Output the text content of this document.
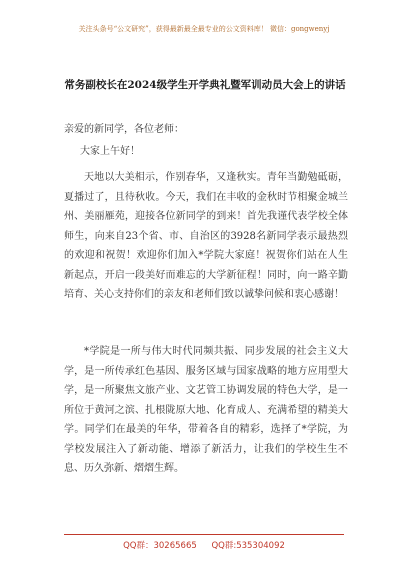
关注头条号“公文研究”，获得最新最全最专业的公文资料库！ 微信：gongwenyj
常务副校长在2024级学生开学典礼暨军训动员大会上的讲话
亲爱的新同学，各位老师：
大家上午好！
天地以大美相示，作别春华，又逢秋实。青年当勤勉砥砺，夏播过了，且待秋收。今天，我们在丰收的金秋时节相聚金城兰州、美丽雁苑，迎接各位新同学的到来！首先我谨代表学校全体师生，向来自23个省、市、自治区的3928名新同学表示最热烈的欢迎和祝贺！欢迎你们加入*学院大家庭！祝贺你们站在人生新起点，开启一段美好而难忘的大学新征程！同时，向一路辛勤培育、关心支持你们的亲友和老师们致以诚挚问候和衷心感谢！
*学院是一所与伟大时代同频共振、同步发展的社会主义大学，是一所传承红色基因、服务区域与国家战略的地方应用型大学，是一所聚焦文旅产业、文艺管工协调发展的特色大学，是一所位于黄河之滨、扎根陇原大地、化育成人、充满希望的精美大学。同学们在最美的年华，带着各自的精彩，选择了*学院，为学校发展注入了新动能、增添了新活力，让我们的学校生生不息、历久弥新、熠熠生辉。
QQ群：30265665 QQ群:535304092
